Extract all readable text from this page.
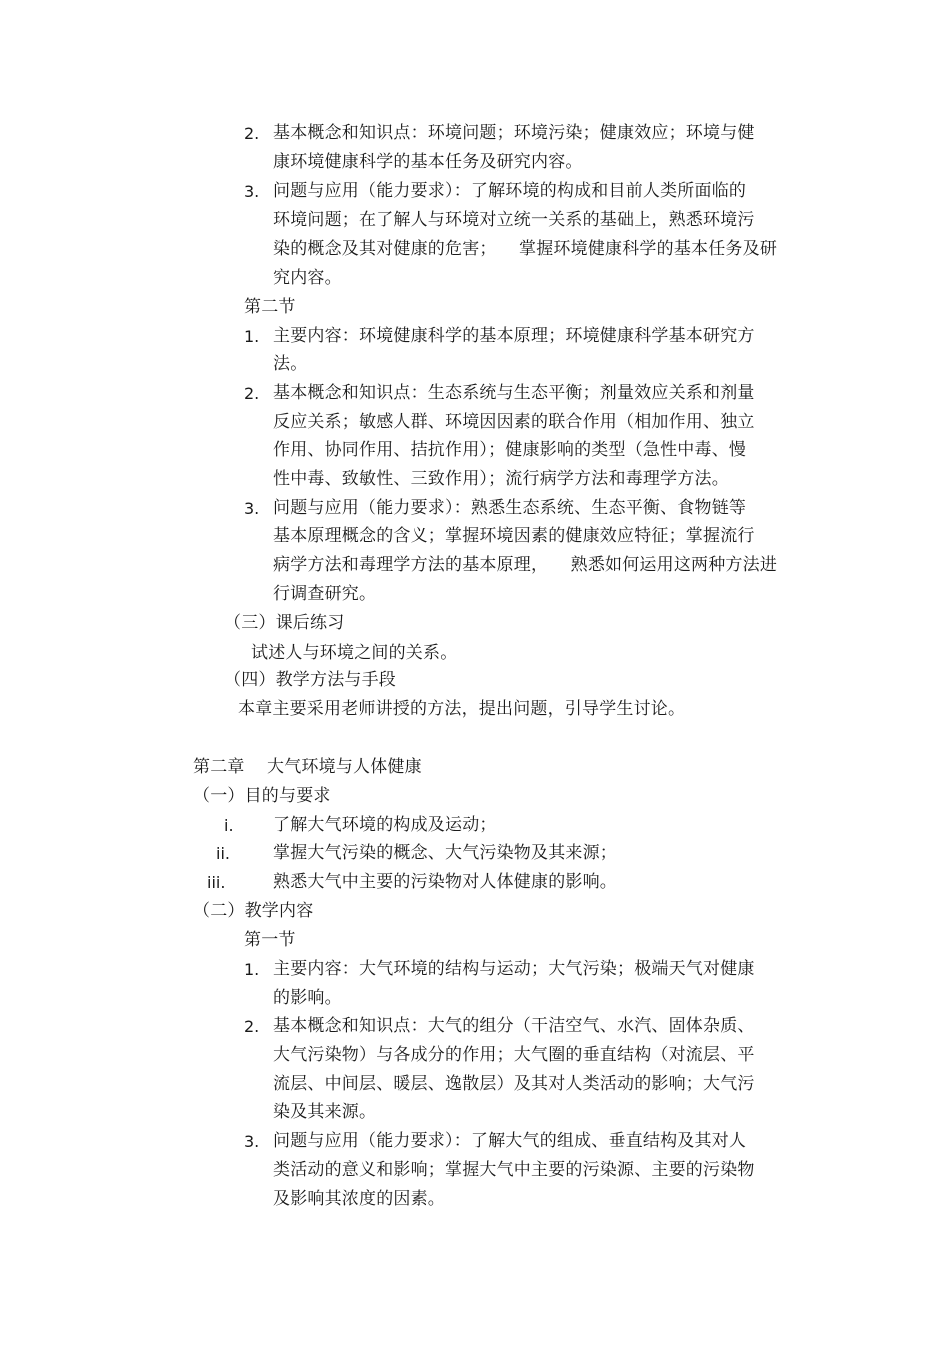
2. 基本概念和知识点：环境问题；环境污染；健康效应；环境与健
康环境健康科学的基本任务及研究内容。
3. 问题与应用（能力要求）：了解环境的构成和目前人类所面临的
环境问题；在了解人与环境对立统一关系的基础上，熟悉环境污
染的概念及其对健康的危害；    掌握环境健康科学的基本任务及研
究内容。
第二节
1. 主要内容：环境健康科学的基本原理；环境健康科学基本研究方
法。
2. 基本概念和知识点：生态系统与生态平衡；剂量效应关系和剂量
反应关系；敏感人群、环境因因素的联合作用（相加作用、独立
作用、协同作用、拮抗作用）；健康影响的类型（急性中毒、慢
性中毒、致敏性、三致作用）；流行病学方法和毒理学方法。
3. 问题与应用（能力要求）：熟悉生态系统、生态平衡、食物链等
基本原理概念的含义；掌握环境因素的健康效应特征；掌握流行
病学方法和毒理学方法的基本原理，    熟悉如何运用这两种方法进
行调查研究。
（三）课后练习
试述人与环境之间的关系。
（四）教学方法与手段
本章主要采用老师讲授的方法，提出问题，引导学生讨论。
第二章    大气环境与人体健康
（一）目的与要求
i. 了解大气环境的构成及运动；
ii.	掌握大气污染的概念、大气污染物及其来源；
iii.	熟悉大气中主要的污染物对人体健康的影响。
（二）教学内容
第一节
1. 主要内容：大气环境的结构与运动；大气污染；极端天气对健康
的影响。
2. 基本概念和知识点：大气的组分（干洁空气、水汽、固体杂质、
大气污染物）与各成分的作用；大气圈的垂直结构（对流层、平
流层、中间层、暖层、逸散层）及其对人类活动的影响；大气污
染及其来源。
3. 问题与应用（能力要求）：了解大气的组成、垂直结构及其对人
类活动的意义和影响；掌握大气中主要的污染源、主要的污染物
及影响其浓度的因素。
